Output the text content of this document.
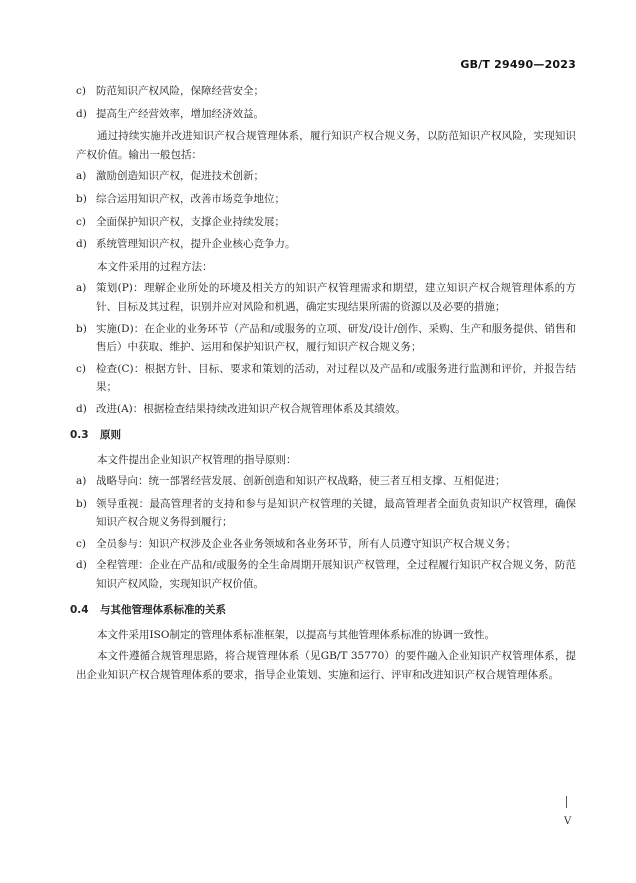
GB/T 29490—2023
c) 防范知识产权风险，保障经营安全；
d) 提高生产经营效率，增加经济效益。
通过持续实施并改进知识产权合规管理体系，履行知识产权合规义务，以防范知识产权风险，实现知识产权价值。输出一般包括：
a) 激励创造知识产权，促进技术创新；
b) 综合运用知识产权，改善市场竞争地位；
c) 全面保护知识产权，支撑企业持续发展；
d) 系统管理知识产权，提升企业核心竞争力。
本文件采用的过程方法：
a) 策划(P)：理解企业所处的环境及相关方的知识产权管理需求和期望，建立知识产权合规管理体系的方针、目标及其过程，识别并应对风险和机遇，确定实现结果所需的资源以及必要的措施；
b) 实施(D)：在企业的业务环节（产品和/或服务的立项、研发/设计/创作、采购、生产和服务提供、销售和售后）中获取、维护、运用和保护知识产权，履行知识产权合规义务；
c) 检查(C)：根据方针、目标、要求和策划的活动，对过程以及产品和/或服务进行监测和评价，并报告结果；
d) 改进(A)：根据检查结果持续改进知识产权合规管理体系及其绩效。
0.3 原则
本文件提出企业知识产权管理的指导原则：
a) 战略导向：统一部署经营发展、创新创造和知识产权战略，使三者互相支撑、互相促进；
b) 领导重视：最高管理者的支持和参与是知识产权管理的关键，最高管理者全面负责知识产权管理，确保知识产权合规义务得到履行；
c) 全员参与：知识产权涉及企业各业务领域和各业务环节，所有人员遵守知识产权合规义务；
d) 全程管理：企业在产品和/或服务的全生命周期开展知识产权管理，全过程履行知识产权合规义务，防范知识产权风险，实现知识产权价值。
0.4 与其他管理体系标准的关系
本文件采用ISO制定的管理体系标准框架，以提高与其他管理体系标准的协调一致性。
本文件遵循合规管理思路，将合规管理体系（见GB/T 35770）的要件融入企业知识产权管理体系，提出企业知识产权合规管理体系的要求，指导企业策划、实施和运行、评审和改进知识产权合规管理体系。
V
